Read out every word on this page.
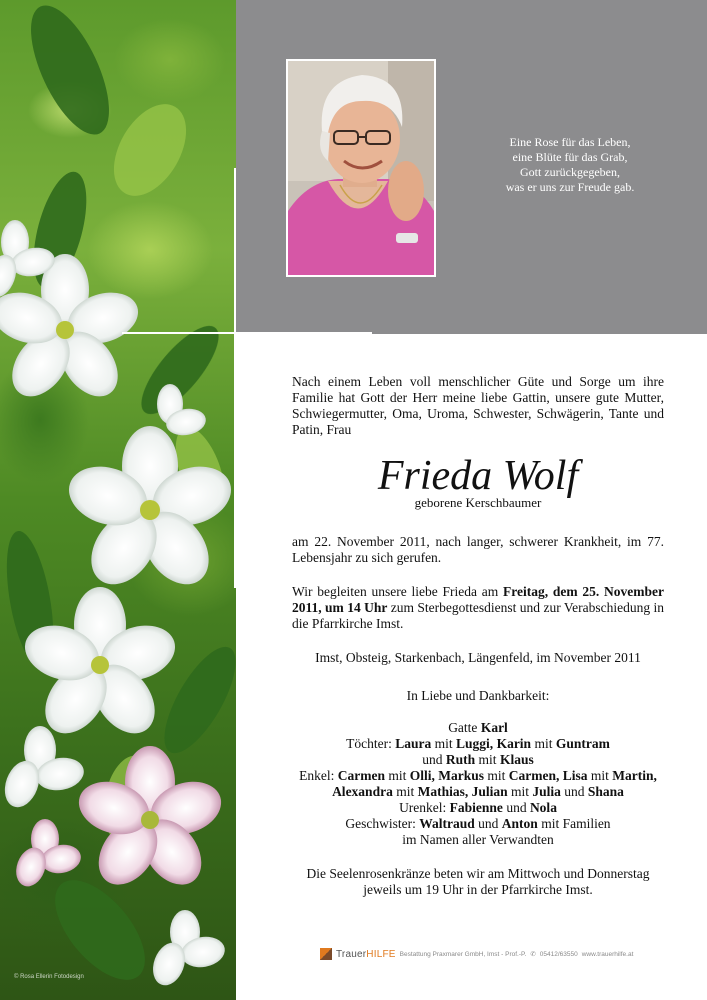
© Rosa Ellerin Fotodesign
Eine Rose für das Leben,
eine Blüte für das Grab,
Gott zurückgegeben,
was er uns zur Freude gab.
Nach einem Leben voll menschlicher Güte und Sorge um ihre Familie hat Gott der Herr meine liebe Gattin, unsere gute Mutter, Schwiegermutter, Oma, Uroma, Schwester, Schwägerin, Tante und Patin, Frau
Frieda Wolf
geborene Kerschbaumer
am 22. November 2011, nach langer, schwerer Krankheit, im 77. Lebensjahr zu sich gerufen.
Wir begleiten unsere liebe Frieda am Freitag, dem 25. November 2011, um 14 Uhr zum Sterbegottesdienst und zur Verabschiedung in die Pfarrkirche Imst.
Imst, Obsteig, Starkenbach, Längenfeld, im November 2011
In Liebe und Dankbarkeit:
Gatte Karl
Töchter: Laura mit Luggi, Karin mit Guntram
und Ruth mit Klaus
Enkel: Carmen mit Olli, Markus mit Carmen, Lisa mit Martin,
Alexandra mit Mathias, Julian mit Julia und Shana
Urenkel: Fabienne und Nola
Geschwister: Waltraud und Anton mit Familien
im Namen aller Verwandten
Die Seelenrosenkränze beten wir am Mittwoch und Donnerstag
jeweils um 19 Uhr in der Pfarrkirche Imst.
TrauerHILFE Bestattung Praxmarer GmbH, Imst - Prof.-P. ✆ 05412/63550 www.trauerhilfe.at
